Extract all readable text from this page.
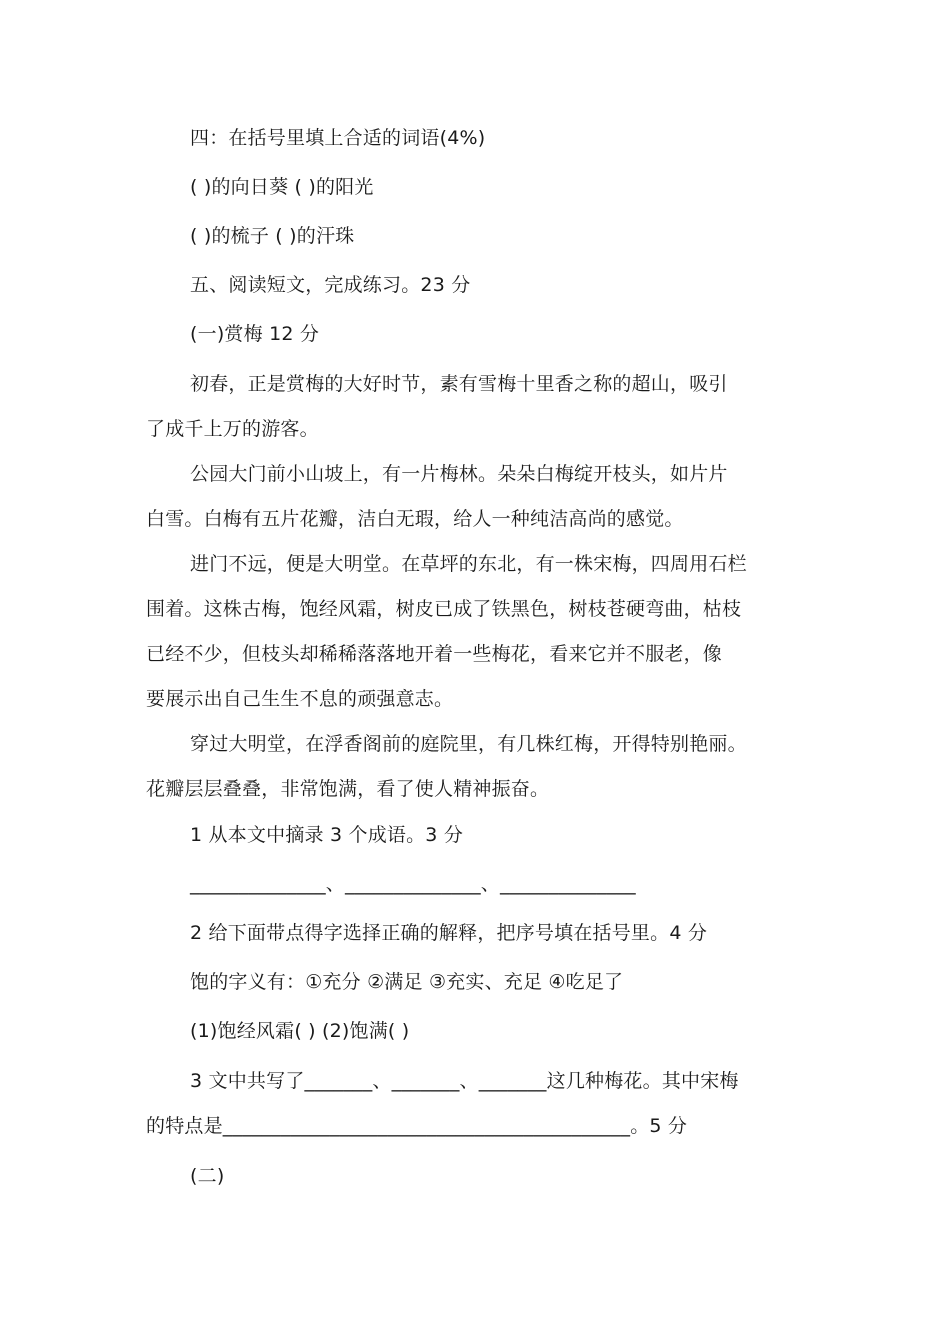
四：在括号里填上合适的词语(4%)
( )的向日葵 ( )的阳光
( )的梳子 ( )的汗珠
五、阅读短文，完成练习。23 分
(一)赏梅 12 分
初春，正是赏梅的大好时节，素有雪梅十里香之称的超山，吸引
了成千上万的游客。
公园大门前小山坡上，有一片梅林。朵朵白梅绽开枝头，如片片
白雪。白梅有五片花瓣，洁白无瑕，给人一种纯洁高尚的感觉。
进门不远，便是大明堂。在草坪的东北，有一株宋梅，四周用石栏
围着。这株古梅，饱经风霜，树皮已成了铁黑色，树枝苍硬弯曲，枯枝
已经不少，但枝头却稀稀落落地开着一些梅花，看来它并不服老，像
要展示出自己生生不息的顽强意志。
穿过大明堂，在浮香阁前的庭院里，有几株红梅，开得特别艳丽。
花瓣层层叠叠，非常饱满，看了使人精神振奋。
1 从本文中摘录 3 个成语。3 分
______________、______________、______________
2 给下面带点得字选择正确的解释，把序号填在括号里。4 分
饱的字义有：①充分 ②满足 ③充实、充足 ④吃足了
(1)饱经风霜( ) (2)饱满( )
3 文中共写了_______、_______、_______这几种梅花。其中宋梅
的特点是__________________________________________。5 分
(二)
